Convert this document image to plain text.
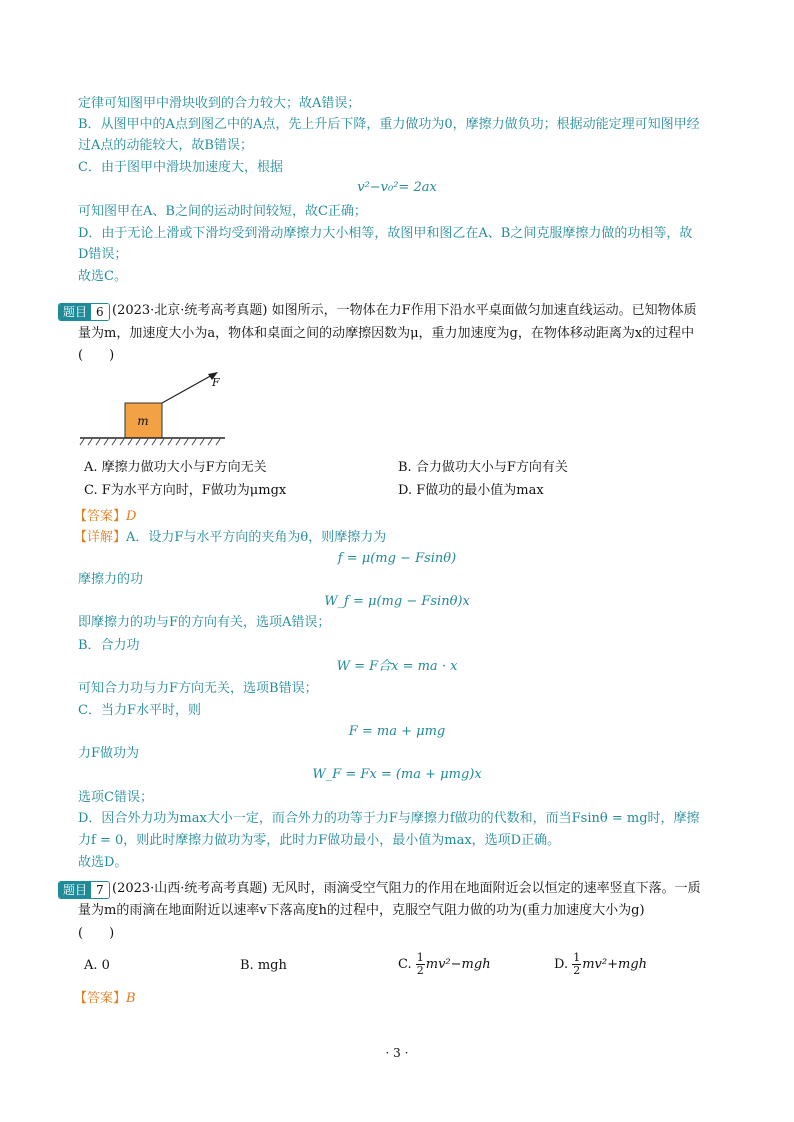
定律可知图甲中滑块收到的合力较大；故A错误；
B．从图甲中的A点到图乙中的A点，先上升后下降，重力做功为0，摩擦力做负功；根据动能定理可知图甲经
过A点的动能较大，故B错误；
C．由于图甲中滑块加速度大，根据
v²−v₀²= 2ax
可知图甲在A、B之间的运动时间较短，故C正确；
D．由于无论上滑或下滑均受到滑动摩擦力大小相等，故图甲和图乙在A、B之间克服摩擦力做的功相等，故
D错误；
故选C。
题目 6 (2023·北京·统考高考真题) 如图所示，一物体在力F作用下沿水平桌面做匀加速直线运动。已知物体质
量为m，加速度大小为a，物体和桌面之间的动摩擦因数为μ，重力加速度为g，在物体移动距离为x的过程中
(　　)
m
F
A. 摩擦力做功大小与F方向无关	B. 合力做功大小与F方向有关
C. F为水平方向时，F做功为μmgx	D. F做功的最小值为max
【答案】D
【详解】A．设力F与水平方向的夹角为θ，则摩擦力为
f = μ(mg − Fsinθ)
摩擦力的功
W_f = μ(mg − Fsinθ)x
即摩擦力的功与F的方向有关，选项A错误；
B．合力功
W = F合x = ma · x
可知合力功与力F方向无关，选项B错误；
C．当力F水平时，则
F = ma + μmg
力F做功为
W_F = Fx = (ma + μmg)x
选项C错误；
D．因合外力功为max大小一定，而合外力的功等于力F与摩擦力f做功的代数和，而当Fsinθ = mg时，摩擦
力f = 0，则此时摩擦力做功为零，此时力F做功最小，最小值为max，选项D正确。
故选D。
题目 7 (2023·山西·统考高考真题) 无风时，雨滴受空气阻力的作用在地面附近会以恒定的速率竖直下落。一质
量为m的雨滴在地面附近以速率v下落高度h的过程中，克服空气阻力做的功为(重力加速度大小为g)
(　　)
A. 0	B. mgh	C. $\frac{1}{2} mv^2-mgh$	D. $\frac{1}{2} mv^2+mgh$
【答案】B
· 3 ·
